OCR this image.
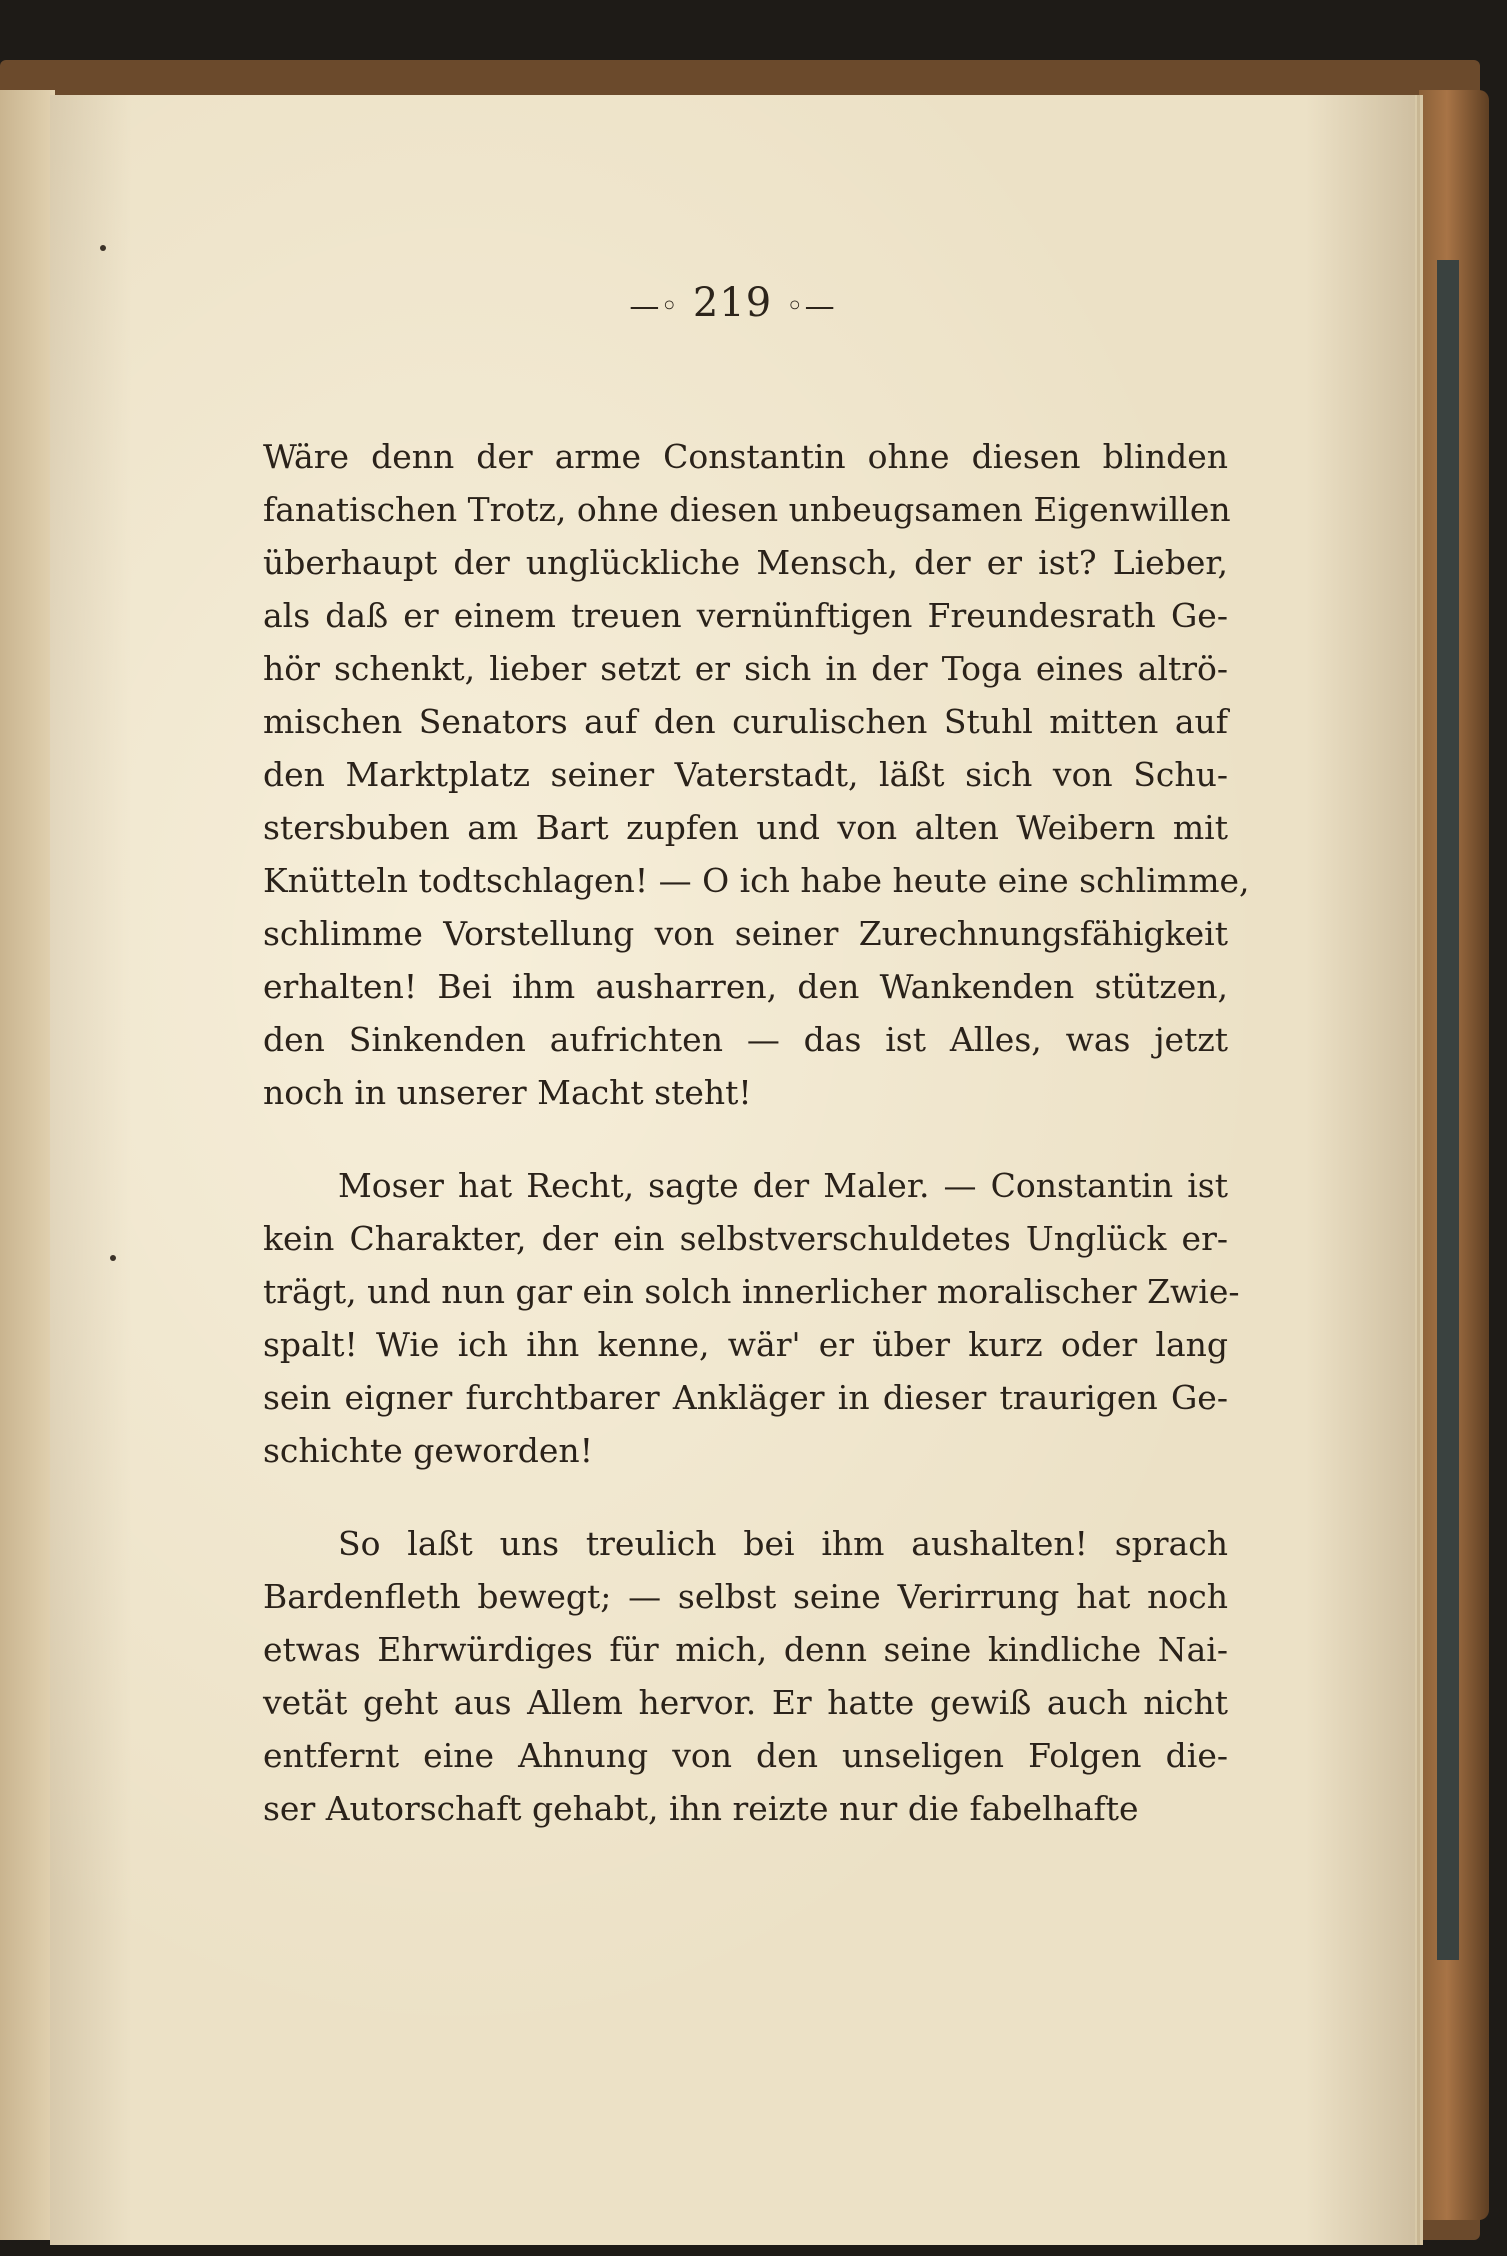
—◦ 219 ◦—
Wäre denn der arme Constantin ohne diesen blinden
fanatischen Trotz, ohne diesen unbeugsamen Eigenwillen
überhaupt der unglückliche Mensch, der er ist? Lieber,
als daß er einem treuen vernünftigen Freundesrath Ge-
hör schenkt, lieber setzt er sich in der Toga eines altrö-
mischen Senators auf den curulischen Stuhl mitten auf
den Marktplatz seiner Vaterstadt, läßt sich von Schu-
stersbuben am Bart zupfen und von alten Weibern mit
Knütteln todtschlagen! — O ich habe heute eine schlimme,
schlimme Vorstellung von seiner Zurechnungsfähigkeit
erhalten! Bei ihm ausharren, den Wankenden stützen,
den Sinkenden aufrichten — das ist Alles, was jetzt
noch in unserer Macht steht!
Moser hat Recht, sagte der Maler. — Constantin ist
kein Charakter, der ein selbstverschuldetes Unglück er-
trägt, und nun gar ein solch innerlicher moralischer Zwie-
spalt! Wie ich ihn kenne, wär' er über kurz oder lang
sein eigner furchtbarer Ankläger in dieser traurigen Ge-
schichte geworden!
So laßt uns treulich bei ihm aushalten! sprach
Bardenfleth bewegt; — selbst seine Verirrung hat noch
etwas Ehrwürdiges für mich, denn seine kindliche Nai-
vetät geht aus Allem hervor. Er hatte gewiß auch nicht
entfernt eine Ahnung von den unseligen Folgen die-
ser Autorschaft gehabt, ihn reizte nur die fabelhafte
